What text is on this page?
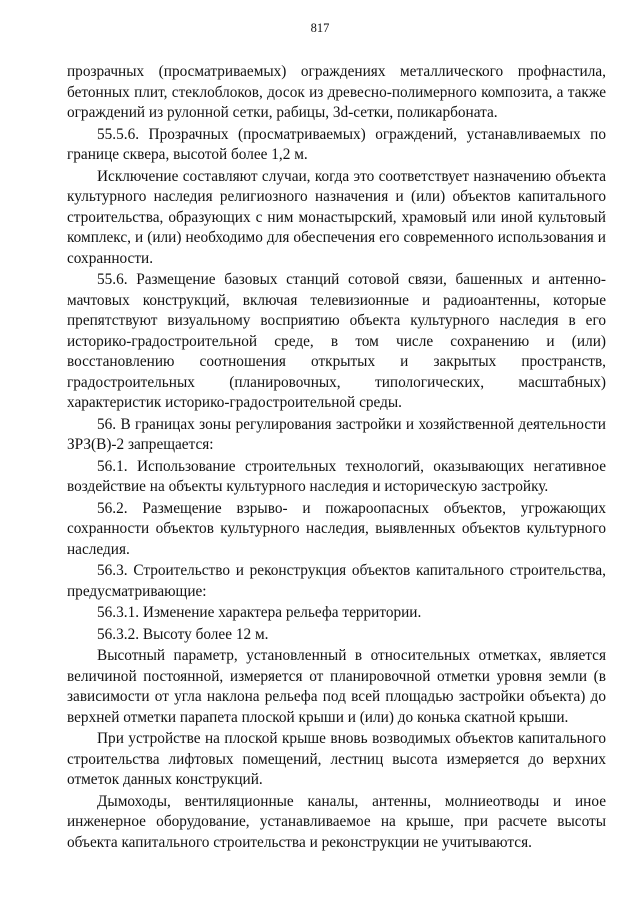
817

прозрачных (просматриваемых) ограждениях металлического профнастила, бетонных плит, стеклоблоков, досок из древесно-полимерного композита, а также ограждений из рулонной сетки, рабицы, 3d-сетки, поликарбоната.

55.5.6. Прозрачных (просматриваемых) ограждений, устанавливаемых по границе сквера, высотой более 1,2 м.

Исключение составляют случаи, когда это соответствует назначению объекта культурного наследия религиозного назначения и (или) объектов капитального строительства, образующих с ним монастырский, храмовый или иной культовый комплекс, и (или) необходимо для обеспечения его современного использования и сохранности.

55.6. Размещение базовых станций сотовой связи, башенных и антенно-мачтовых конструкций, включая телевизионные и радиоантенны, которые препятствуют визуальному восприятию объекта культурного наследия в его историко-градостроительной среде, в том числе сохранению и (или) восстановлению соотношения открытых и закрытых пространств, градостроительных (планировочных, типологических, масштабных) характеристик историко-градостроительной среды.

56. В границах зоны регулирования застройки и хозяйственной деятельности ЗРЗ(В)-2 запрещается:

56.1. Использование строительных технологий, оказывающих негативное воздействие на объекты культурного наследия и историческую застройку.

56.2. Размещение взрыво- и пожароопасных объектов, угрожающих сохранности объектов культурного наследия, выявленных объектов культурного наследия.

56.3. Строительство и реконструкция объектов капитального строительства, предусматривающие:

56.3.1. Изменение характера рельефа территории.

56.3.2. Высоту более 12 м.

Высотный параметр, установленный в относительных отметках, является величиной постоянной, измеряется от планировочной отметки уровня земли (в зависимости от угла наклона рельефа под всей площадью застройки объекта) до верхней отметки парапета плоской крыши и (или) до конька скатной крыши.

При устройстве на плоской крыше вновь возводимых объектов капитального строительства лифтовых помещений, лестниц высота измеряется до верхних отметок данных конструкций.

Дымоходы, вентиляционные каналы, антенны, молниеотводы и иное инженерное оборудование, устанавливаемое на крыше, при расчете высоты объекта капитального строительства и реконструкции не учитываются.
